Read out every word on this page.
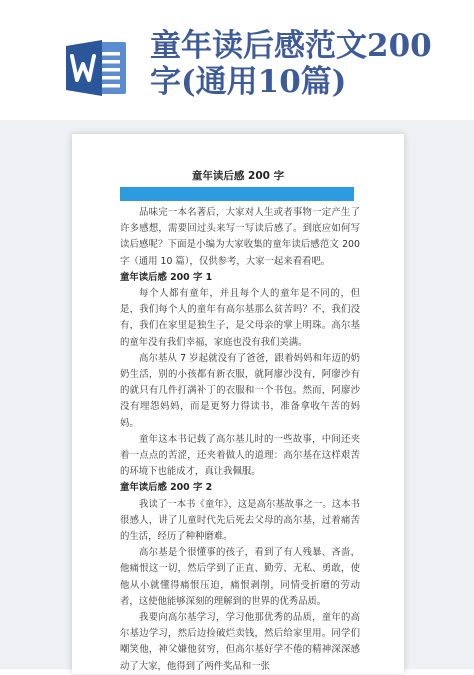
童年读后感范文200字(通用10篇)
童年读后感 200 字

品味完一本名著后，大家对人生或者事物一定产生了许多感想，需要回过头来写一写读后感了。到底应如何写读后感呢？下面是小编为大家收集的童年读后感范文 200 字（通用 10 篇），仅供参考，大家一起来看看吧。

童年读后感 200 字 1

每个人都有童年，并且每个人的童年是不同的，但是，我们每个人的童年有高尔基那么贫苦吗？不，我们没有，我们在家里是独生子，是父母亲的掌上明珠。高尔基的童年没有我们幸福，家庭也没有我们美满。

高尔基从 7 岁起就没有了爸爸，跟着妈妈和年迈的奶奶生活，别的小孩都有新衣服，就阿廖沙没有，阿廖沙有的就只有几件打满补丁的衣服和一个书包。然而，阿廖沙没有埋怨妈妈，而是更努力得读书，准备拿收午苦的妈妈。

童年这本书记载了高尔基儿时的一些故事，中间还夹着一点点的苦涩，还夹着做人的道理：高尔基在这样艰苦的环境下也能成才，真让我佩服。

童年读后感 200 字 2

我读了一本书《童年》，这是高尔基故事之一。这本书很感人，讲了儿童时代先后死去父母的高尔基，过着痛苦的生活，经历了种种磨难。

高尔基是个很懂事的孩子，看到了有人残暴、吝啬，他痛恨这一切，然后学到了正直、勤劳、无私、勇敢，使他从小就懂得痛恨压迫，痛恨剥削，同情受折磨的劳动者，这使他能够深刻的理解到的世界的优秀品质。

我要向高尔基学习，学习他那优秀的品质，童年的高尔基边学习，然后边捡破烂卖钱，然后给家里用。同学们嘲笑他，神父嫌他贫穷，但高尔基好学不倦的精神深深感动了大家，他得到了两件奖品和一张
